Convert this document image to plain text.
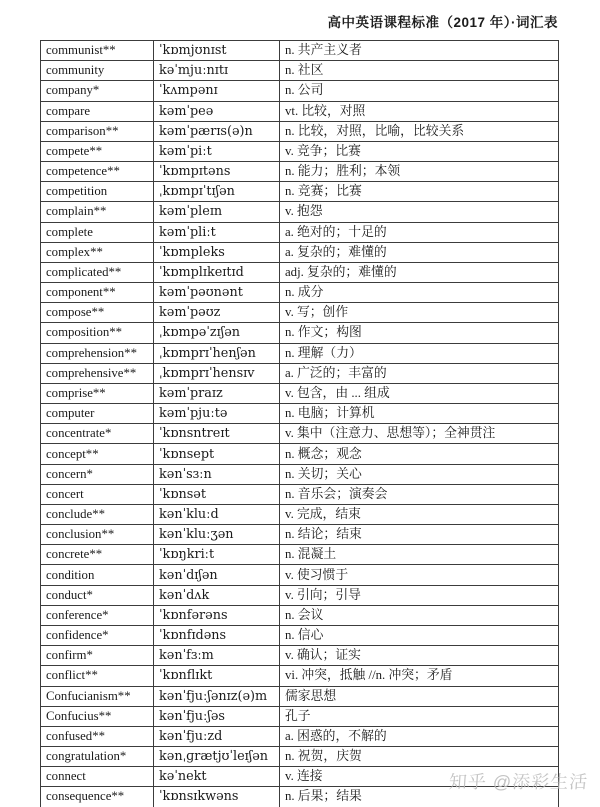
高中英语课程标准（2017 年）·词汇表
communist**	ˈkɒmjʊnɪst	n. 共产主义者
community	kəˈmjuːnɪtɪ	n. 社区
company*	ˈkʌmpənɪ	n. 公司
compare	kəmˈpeə	vt. 比较，对照
comparison**	kəmˈpærɪs(ə)n	n. 比较，对照，比喻，比较关系
compete**	kəmˈpiːt	v. 竞争；比赛
competence**	ˈkɒmpɪtəns	n. 能力；胜利；本领
competition	ˌkɒmpɪˈtɪʃən	n. 竞赛；比赛
complain**	kəmˈpleɪn	v. 抱怨
complete	kəmˈpliːt	a. 绝对的；十足的
complex**	ˈkɒmpleks	a. 复杂的；难懂的
complicated**	ˈkɒmplɪkeɪtɪd	adj. 复杂的；难懂的
component**	kəmˈpəʊnənt	n. 成分
compose**	kəmˈpəʊz	v. 写；创作
composition**	ˌkɒmpəˈzɪʃən	n. 作文；构图
comprehension**	ˌkɒmprɪˈhenʃən	n. 理解（力）
comprehensive**	ˌkɒmprɪˈhensɪv	a. 广泛的；丰富的
comprise**	kəmˈpraɪz	v. 包含，由 ... 组成
computer	kəmˈpjuːtə	n. 电脑；计算机
concentrate*	ˈkɒnsntreɪt	v. 集中（注意力、思想等）；全神贯注
concept**	ˈkɒnsept	n. 概念；观念
concern*	kənˈsɜːn	n. 关切；关心
concert	ˈkɒnsət	n. 音乐会；演奏会
conclude**	kənˈkluːd	v. 完成，结束
conclusion**	kənˈkluːʒən	n. 结论；结束
concrete**	ˈkɒŋkriːt	n. 混凝土
condition	kənˈdɪʃən	v. 使习惯于
conduct*	kənˈdʌk	v. 引向；引导
conference*	ˈkɒnfərəns	n. 会议
confidence*	ˈkɒnfɪdəns	n. 信心
confirm*	kənˈfɜːm	v. 确认；证实
conflict**	ˈkɒnflɪkt	vi. 冲突，抵触 //n. 冲突；矛盾
Confucianism**	kənˈfjuːʃənɪz(ə)m	儒家思想
Confucius**	kənˈfjuːʃəs	孔子
confused**	kənˈfjuːzd	a. 困惑的，不解的
congratulation*	kənˌɡrætjʊˈleɪʃən	n. 祝贺，庆贺
connect	kəˈnekt	v. 连接
consequence**	ˈkɒnsɪkwəns	n. 后果；结果
知乎 @添彩生活
